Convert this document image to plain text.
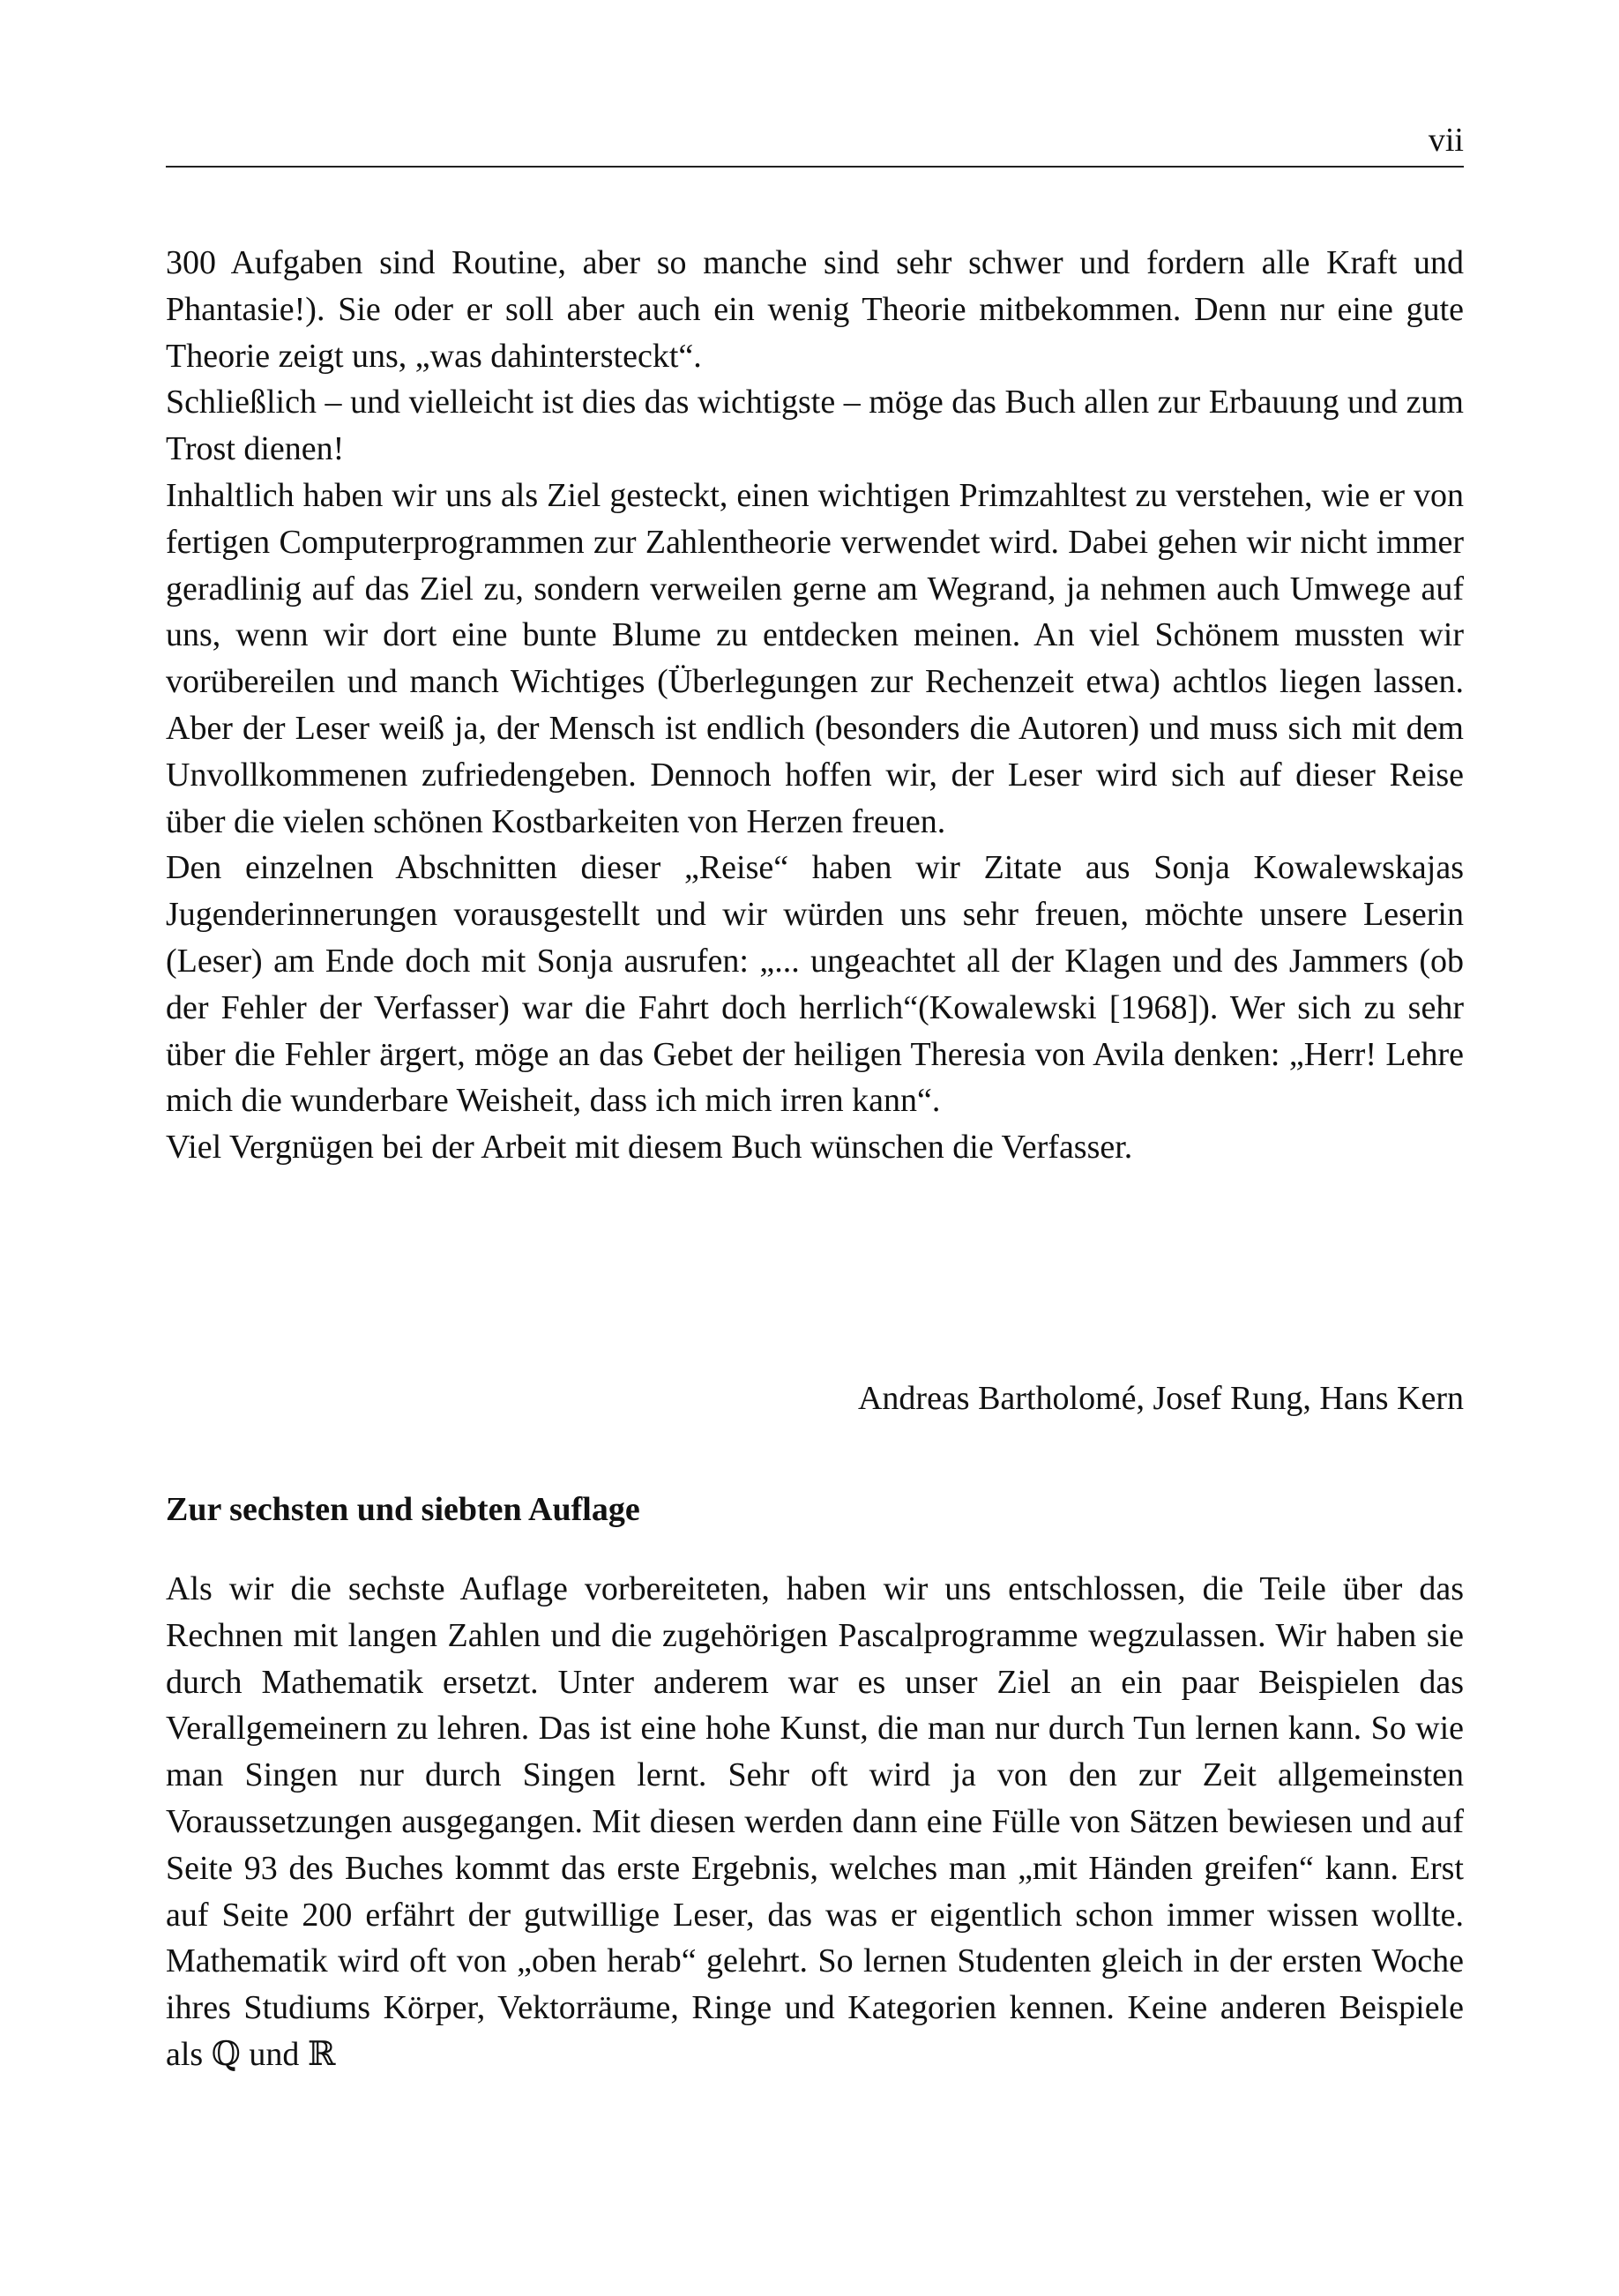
vii

300 Aufgaben sind Routine, aber so manche sind sehr schwer und fordern alle Kraft und Phantasie!). Sie oder er soll aber auch ein wenig Theorie mitbekommen. Denn nur eine gute Theorie zeigt uns, „was dahintersteckt“.

Schließlich – und vielleicht ist dies das wichtigste – möge das Buch allen zur Erbauung und zum Trost dienen!

Inhaltlich haben wir uns als Ziel gesteckt, einen wichtigen Primzahltest zu verstehen, wie er von fertigen Computerprogrammen zur Zahlentheorie verwendet wird. Dabei gehen wir nicht immer geradlinig auf das Ziel zu, sondern verweilen gerne am Wegrand, ja nehmen auch Umwege auf uns, wenn wir dort eine bunte Blume zu entdecken meinen. An viel Schönem mussten wir vorübereilen und manch Wichtiges (Überlegungen zur Rechenzeit etwa) achtlos liegen lassen. Aber der Leser weiß ja, der Mensch ist endlich (besonders die Autoren) und muss sich mit dem Unvollkommenen zufriedengeben. Dennoch hoffen wir, der Leser wird sich auf dieser Reise über die vielen schönen Kostbarkeiten von Herzen freuen.

Den einzelnen Abschnitten dieser „Reise“ haben wir Zitate aus Sonja Kowalewskajas Jugenderinnerungen vorausgestellt und wir würden uns sehr freuen, möchte unsere Leserin (Leser) am Ende doch mit Sonja ausrufen: „... ungeachtet all der Klagen und des Jammers (ob der Fehler der Verfasser) war die Fahrt doch herrlich“(Kowalewski [1968]). Wer sich zu sehr über die Fehler ärgert, möge an das Gebet der heiligen Theresia von Avila denken: „Herr! Lehre mich die wunderbare Weisheit, dass ich mich irren kann“.

Viel Vergnügen bei der Arbeit mit diesem Buch wünschen die Verfasser.

Andreas Bartholomé, Josef Rung, Hans Kern
Zur sechsten und siebten Auflage

Als wir die sechste Auflage vorbereiteten, haben wir uns entschlossen, die Teile über das Rechnen mit langen Zahlen und die zugehörigen Pascalprogramme wegzulassen. Wir haben sie durch Mathematik ersetzt. Unter anderem war es unser Ziel an ein paar Beispielen das Verallgemeinern zu lehren. Das ist eine hohe Kunst, die man nur durch Tun lernen kann. So wie man Singen nur durch Singen lernt. Sehr oft wird ja von den zur Zeit allgemeinsten Voraussetzungen ausgegangen. Mit diesen werden dann eine Fülle von Sätzen bewiesen und auf Seite 93 des Buches kommt das erste Ergebnis, welches man „mit Händen greifen“ kann. Erst auf Seite 200 erfährt der gutwillige Leser, das was er eigentlich schon immer wissen wollte. Mathematik wird oft von „oben herab“ gelehrt. So lernen Studenten gleich in der ersten Woche ihres Studiums Körper, Vektorräume, Ringe und Kategorien kennen. Keine anderen Beispiele als ℚ und ℝ
